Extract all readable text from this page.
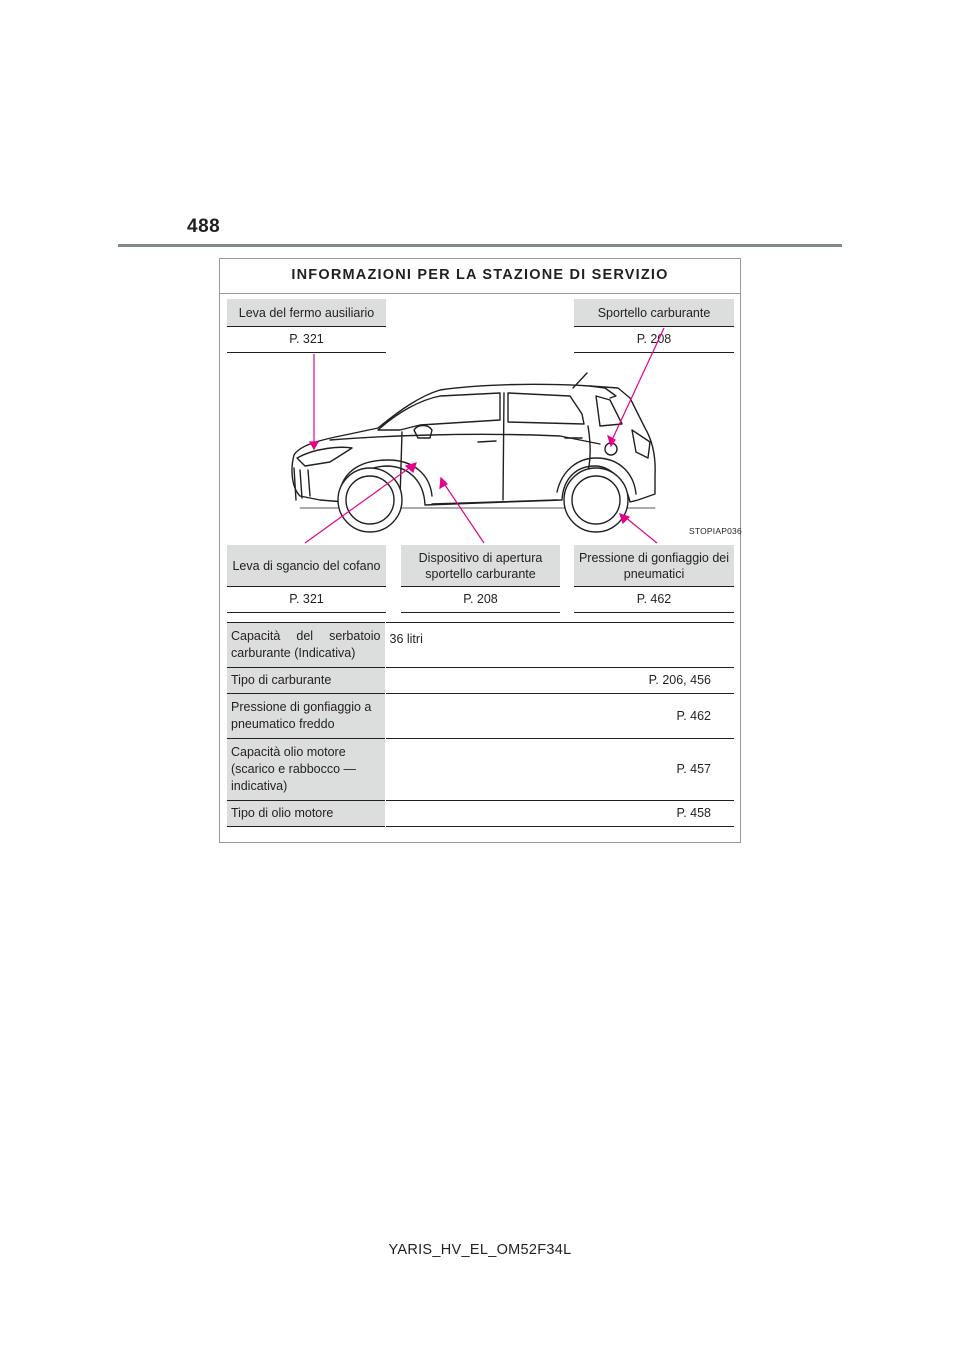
488
INFORMAZIONI PER LA STAZIONE DI SERVIZIO
Leva del fermo ausiliario
P. 321
Sportello carburante
P. 208
STOPIAP036
Leva di sgancio del cofano
P. 321
Dispositivo di apertura sportello carburante
P. 208
Pressione di gonfiaggio dei pneumatici
P. 462
Capacità del serbatoio carburante (Indicativa)	36 litri
Tipo di carburante	P. 206, 456
Pressione di gonfiaggio a pneumatico freddo	P. 462
Capacità olio motore (scarico e rabbocco — indicativa)	P. 457
Tipo di olio motore	P. 458
YARIS_HV_EL_OM52F34L
